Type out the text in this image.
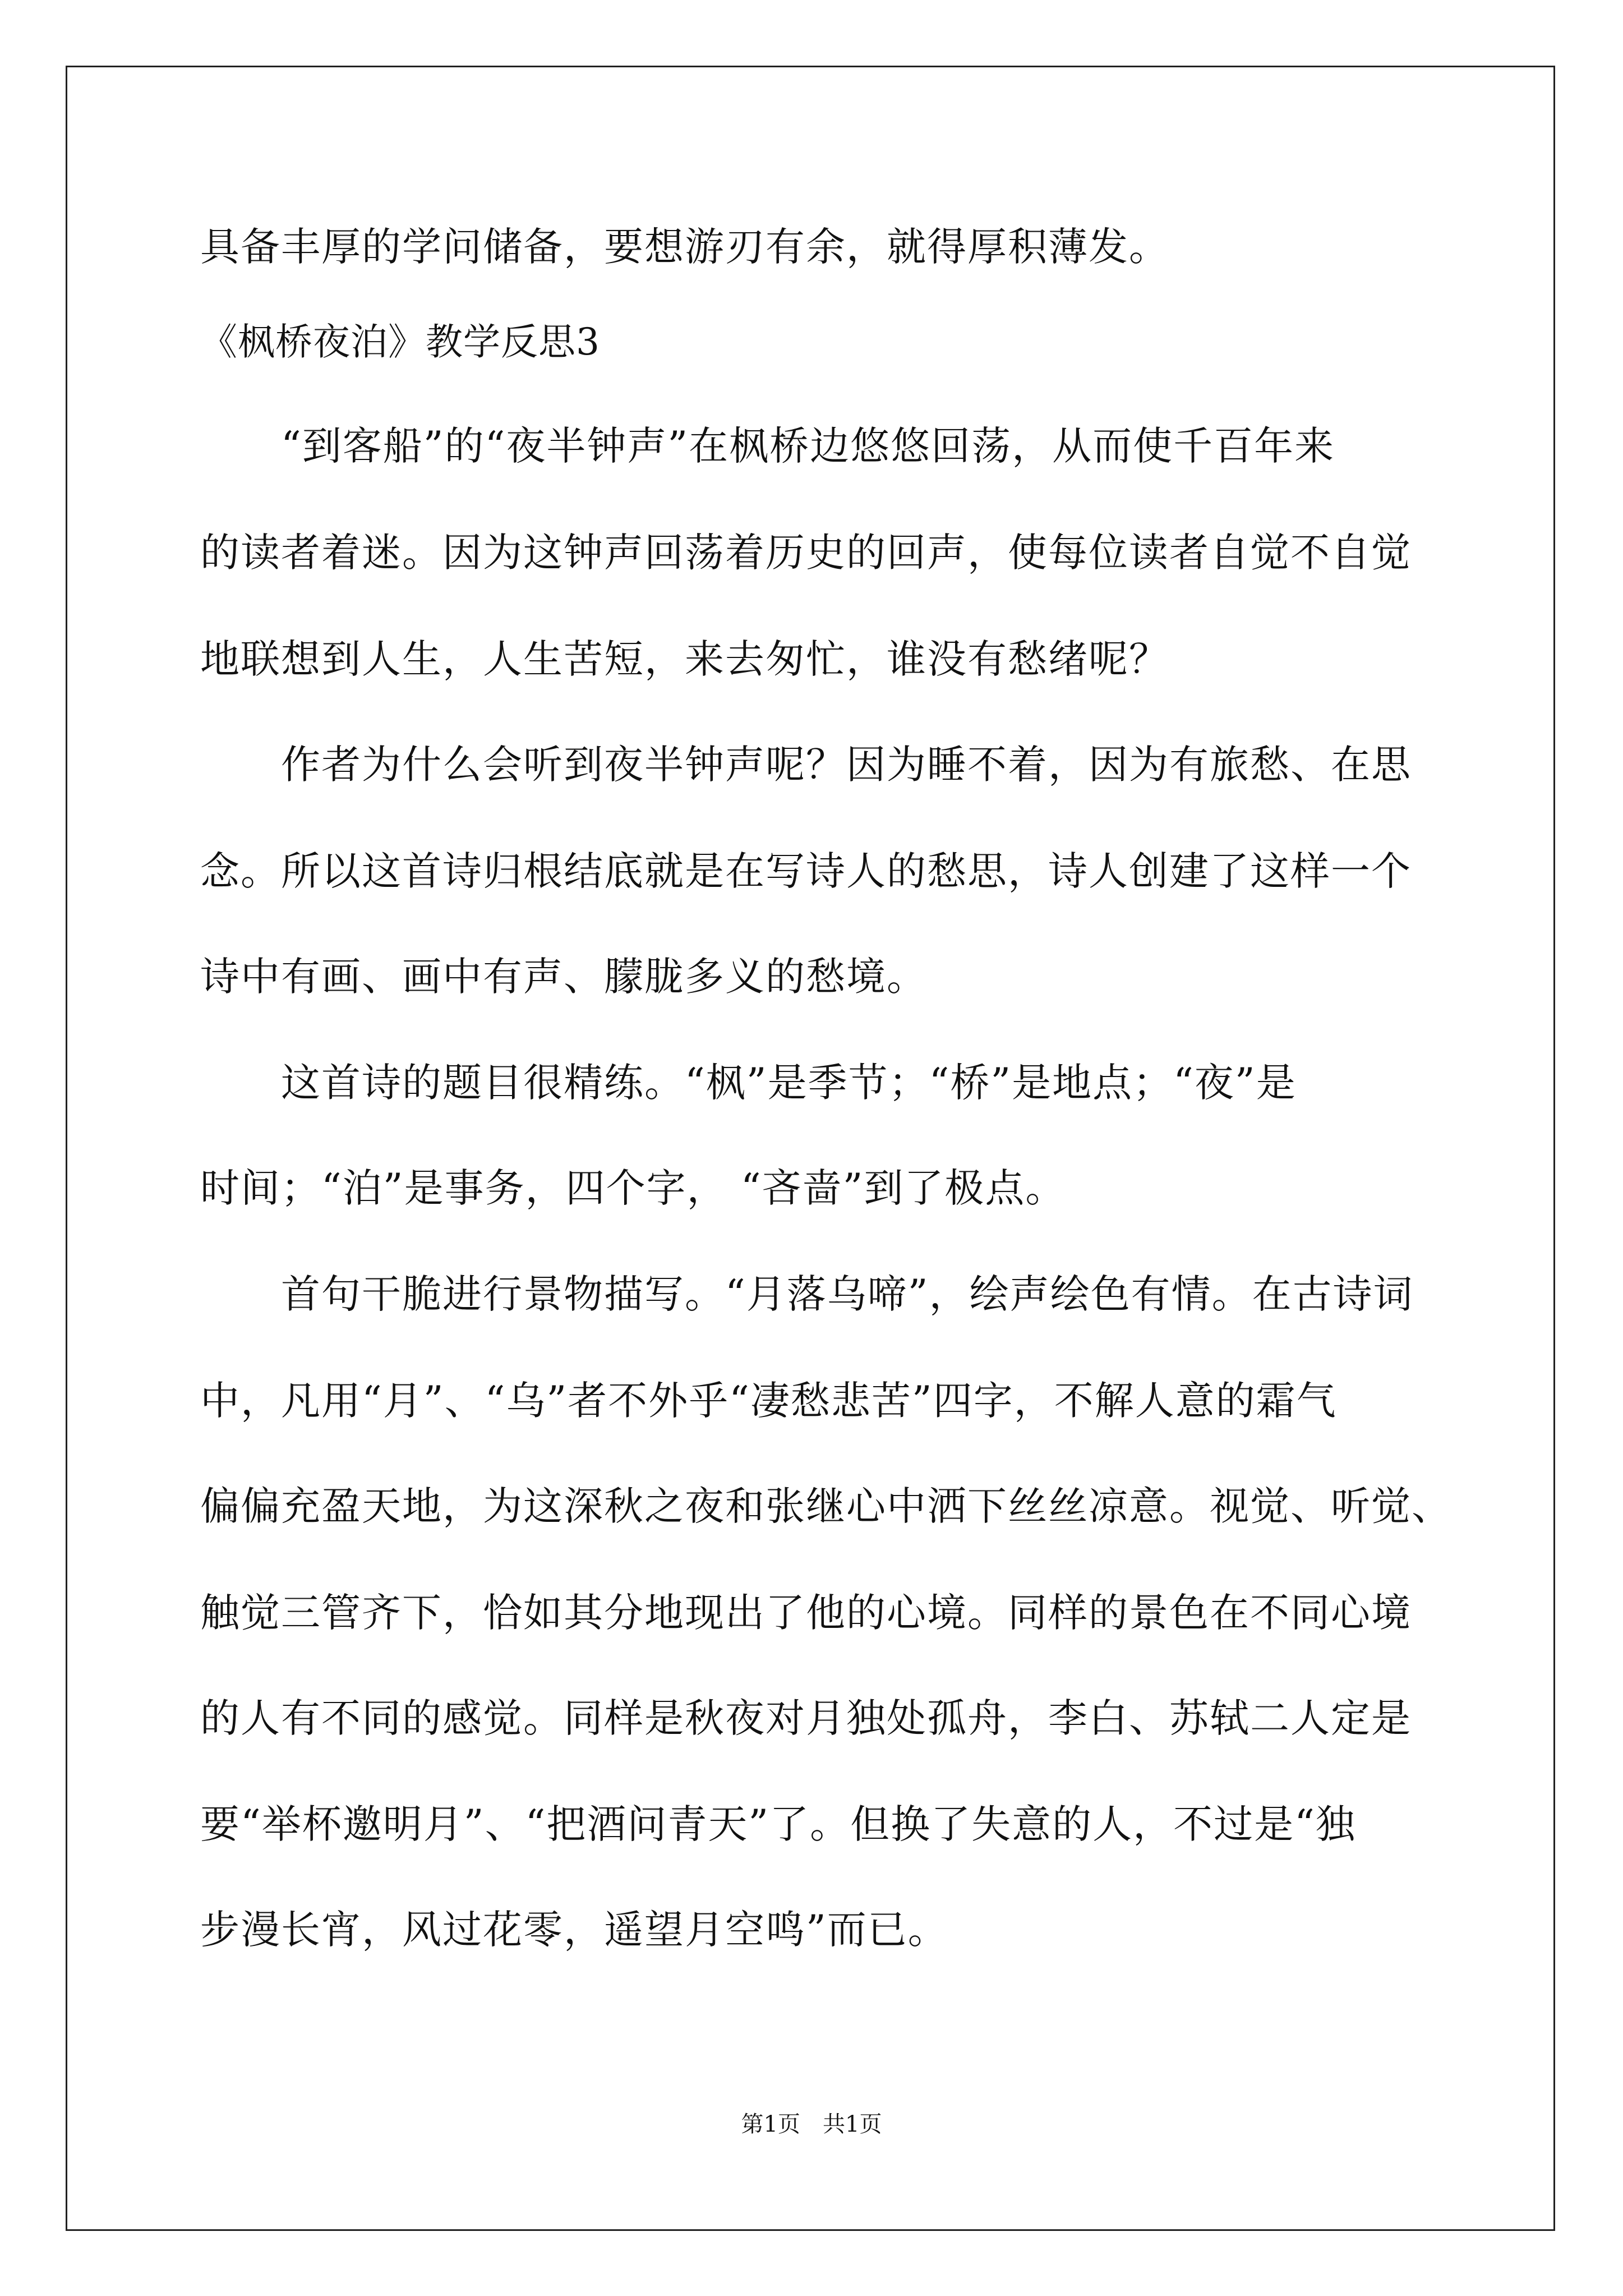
具备丰厚的学问储备，要想游刃有余，就得厚积薄发。
《枫桥夜泊》教学反思3
　　“到客船”的“夜半钟声”在枫桥边悠悠回荡，从而使千百年来
的读者着迷。因为这钟声回荡着历史的回声，使每位读者自觉不自觉
地联想到人生，人生苦短，来去匆忙，谁没有愁绪呢？
　　作者为什么会听到夜半钟声呢？因为睡不着，因为有旅愁、在思
念。所以这首诗归根结底就是在写诗人的愁思，诗人创建了这样一个
诗中有画、画中有声、朦胧多义的愁境。
　　这首诗的题目很精练。“枫”是季节；“桥”是地点；“夜”是
时间；“泊”是事务，四个字， “吝啬”到了极点。
　　首句干脆进行景物描写。“月落乌啼”，绘声绘色有情。在古诗词
中，凡用“月”、“乌”者不外乎“凄愁悲苦”四字，不解人意的霜气
偏偏充盈天地，为这深秋之夜和张继心中洒下丝丝凉意。视觉、听觉、
触觉三管齐下，恰如其分地现出了他的心境。同样的景色在不同心境
的人有不同的感觉。同样是秋夜对月独处孤舟，李白、苏轼二人定是
要“举杯邀明月”、“把酒问青天”了。但换了失意的人，不过是“独
步漫长宵，风过花零，遥望月空鸣”而已。
第1页　共1页
